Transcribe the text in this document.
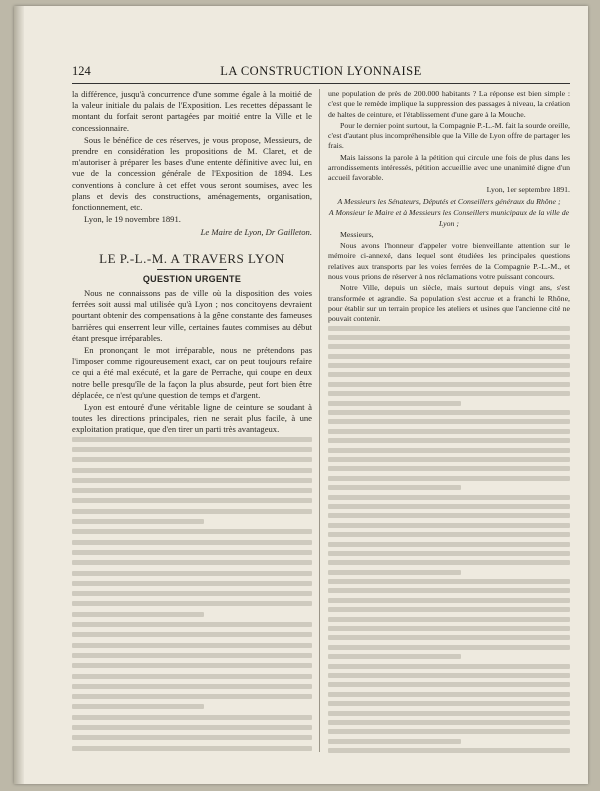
124	LA CONSTRUCTION LYONNAISE

la différence, jusqu'à concurrence d'une somme égale à la moitié de la valeur initiale du palais de l'Exposition. Les recettes dépassant le montant du forfait seront partagées par moitié entre la Ville et le concessionnaire.

Sous le bénéfice de ces réserves, je vous propose, Messieurs, de prendre en considération les propositions de M. Claret, et de m'autoriser à préparer les bases d'une entente définitive avec lui, en vue de la concession générale de l'Exposition de 1894. Les conventions à conclure à cet effet vous seront soumises, avec les plans et devis des constructions, aménagements, organisation, fonctionnement, etc.

Lyon, le 19 novembre 1891.

Le Maire de Lyon, Dr Gailleton.
LE P.-L.-M. A TRAVERS LYON
QUESTION URGENTE

Nous ne connaissons pas de ville où la disposition des voies ferrées soit aussi mal utilisée qu'à Lyon ; nos concitoyens devraient pourtant obtenir des compensations à la gêne constante des fameuses barrières qui enserrent leur ville, certaines fautes commises au début étant presque irréparables.

En prononçant le mot irréparable, nous ne prétendons pas l'imposer comme rigoureusement exact, car on peut toujours refaire ce qui a été mal exécuté, et la gare de Perrache, qui coupe en deux notre belle presqu'île de la façon la plus absurde, peut fort bien être déplacée, ce n'est qu'une question de temps et d'argent.

Lyon est entouré d'une véritable ligne de ceinture se soudant à toutes les directions principales, rien ne serait plus facile, à une exploitation pratique, que d'en tirer un parti très avantageux.

une population de près de 200.000 habitants ? La réponse est bien simple : c'est que le remède implique la suppression des passages à niveau, la création de haltes de ceinture, et l'établissement d'une gare à la Mouche.

Pour le dernier point surtout, la Compagnie P.-L.-M. fait la sourde oreille, c'est d'autant plus incompréhensible que la Ville de Lyon offre de partager les frais.

Mais laissons la parole à la pétition qui circule une fois de plus dans les arrondissements intéressés, pétition accueillie avec une unanimité digne d'un accueil favorable.

Lyon, 1er septembre 1891.

A Messieurs les Sénateurs, Députés et Conseillers généraux du Rhône ;

A Monsieur le Maire et à Messieurs les Conseillers municipaux de la ville de Lyon ;

Messieurs,

Nous avons l'honneur d'appeler votre bienveillante attention sur le mémoire ci-annexé, dans lequel sont étudiées les principales questions relatives aux transports par les voies ferrées de la Compagnie P.-L.-M., et nous vous prions de réserver à nos réclamations votre puissant concours.

Notre Ville, depuis un siècle, mais surtout depuis vingt ans, s'est transformée et agrandie. Sa population s'est accrue et a franchi le Rhône, pour établir sur un terrain propice les ateliers et usines que l'ancienne cité ne pouvait contenir.
